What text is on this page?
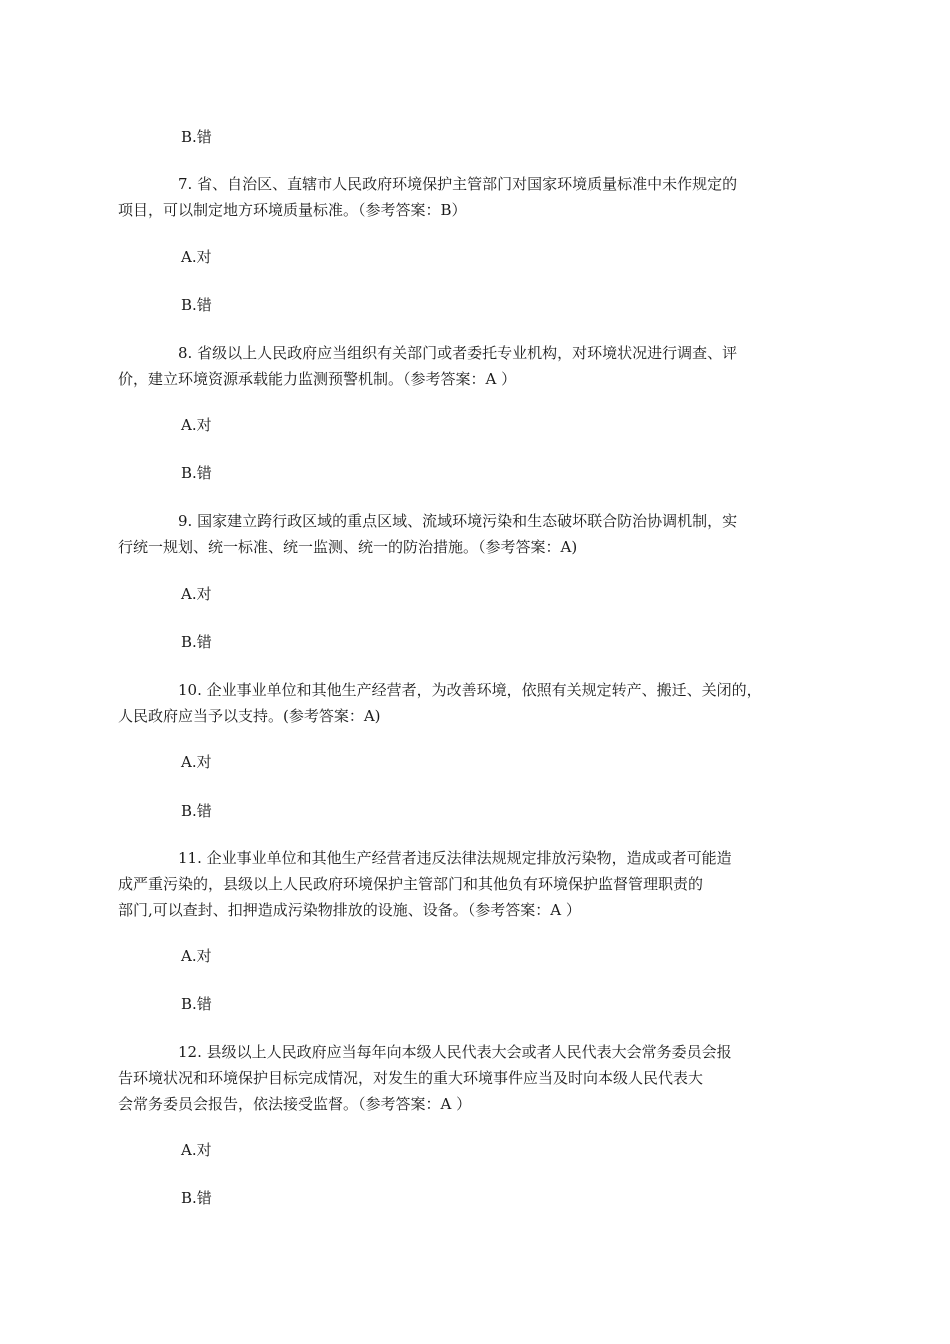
B.错
7. 省、自治区、直辖市人民政府环境保护主管部门对国家环境质量标准中未作规定的
项目，可以制定地方环境质量标准。（参考答案：B）
A.对
B.错
8. 省级以上人民政府应当组织有关部门或者委托专业机构，对环境状况进行调查、评
价，建立环境资源承载能力监测预警机制。（参考答案：A ）
A.对
B.错
9. 国家建立跨行政区域的重点区域、流域环境污染和生态破坏联合防治协调机制，实
行统一规划、统一标准、统一监测、统一的防治措施。（参考答案：A)
A.对
B.错
10. 企业事业单位和其他生产经营者，为改善环境，依照有关规定转产、搬迁、关闭的，
人民政府应当予以支持。(参考答案：A)
A.对
B.错
11. 企业事业单位和其他生产经营者违反法律法规规定排放污染物，造成或者可能造
成严重污染的，县级以上人民政府环境保护主管部门和其他负有环境保护监督管理职责的
部门,可以查封、扣押造成污染物排放的设施、设备。（参考答案：A ）
A.对
B.错
12. 县级以上人民政府应当每年向本级人民代表大会或者人民代表大会常务委员会报
告环境状况和环境保护目标完成情况，对发生的重大环境事件应当及时向本级人民代表大
会常务委员会报告，依法接受监督。（参考答案：A ）
A.对
B.错
